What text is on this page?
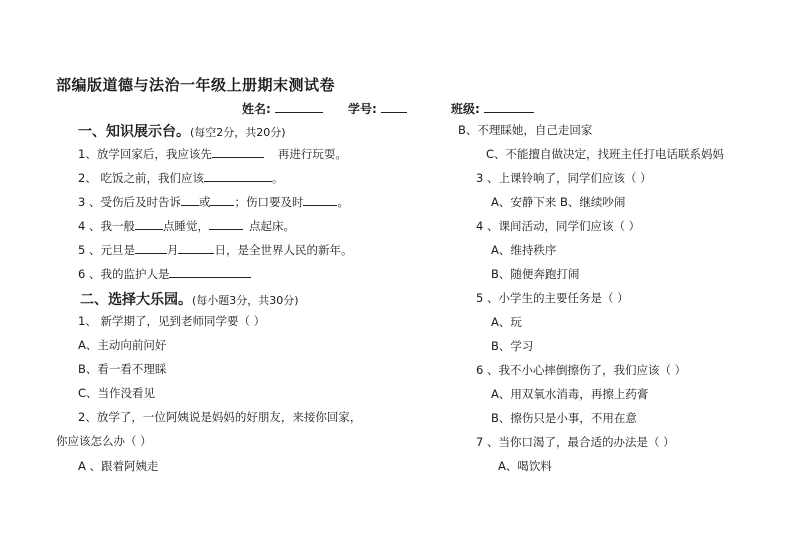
部编版道德与法治一年级上册期末测试卷
姓名:	学号:	班级:
一、知识展示台。(每空2分，共20分)
1、放学回家后，我应该先	再进行玩耍。
2、 吃饭之前，我们应该	。
3 、受伤后及时告诉 或 ；伤口要及时	。
4 、我一般 点睡觉，	点起床。
5 、元旦是	月	日，是全世界人民的新年。
6 、我的监护人是
二、选择大乐园。(每小题3分，共30分)
1、 新学期了，见到老师同学要（ ）
A、主动向前问好
B、看一看不理睬
C、当作没看见
2、放学了，一位阿姨说是妈妈的好朋友，来接你回家，
你应该怎么办（ ）
A 、跟着阿姨走
B、不理睬她，自己走回家
C、不能擅自做决定，找班主任打电话联系妈妈
3 、上课铃响了，同学们应该（ ）
A、安静下来 B、继续吵闹
4 、课间活动，同学们应该（ ）
A、维持秩序
B、随便奔跑打闹
5 、小学生的主要任务是（ ）
A、玩
B、学习
6 、我不小心摔倒擦伤了，我们应该（ ）
A、用双氧水消毒，再擦上药膏
B、擦伤只是小事，不用在意
7 、当你口渴了，最合适的办法是（ ）
A、喝饮料
